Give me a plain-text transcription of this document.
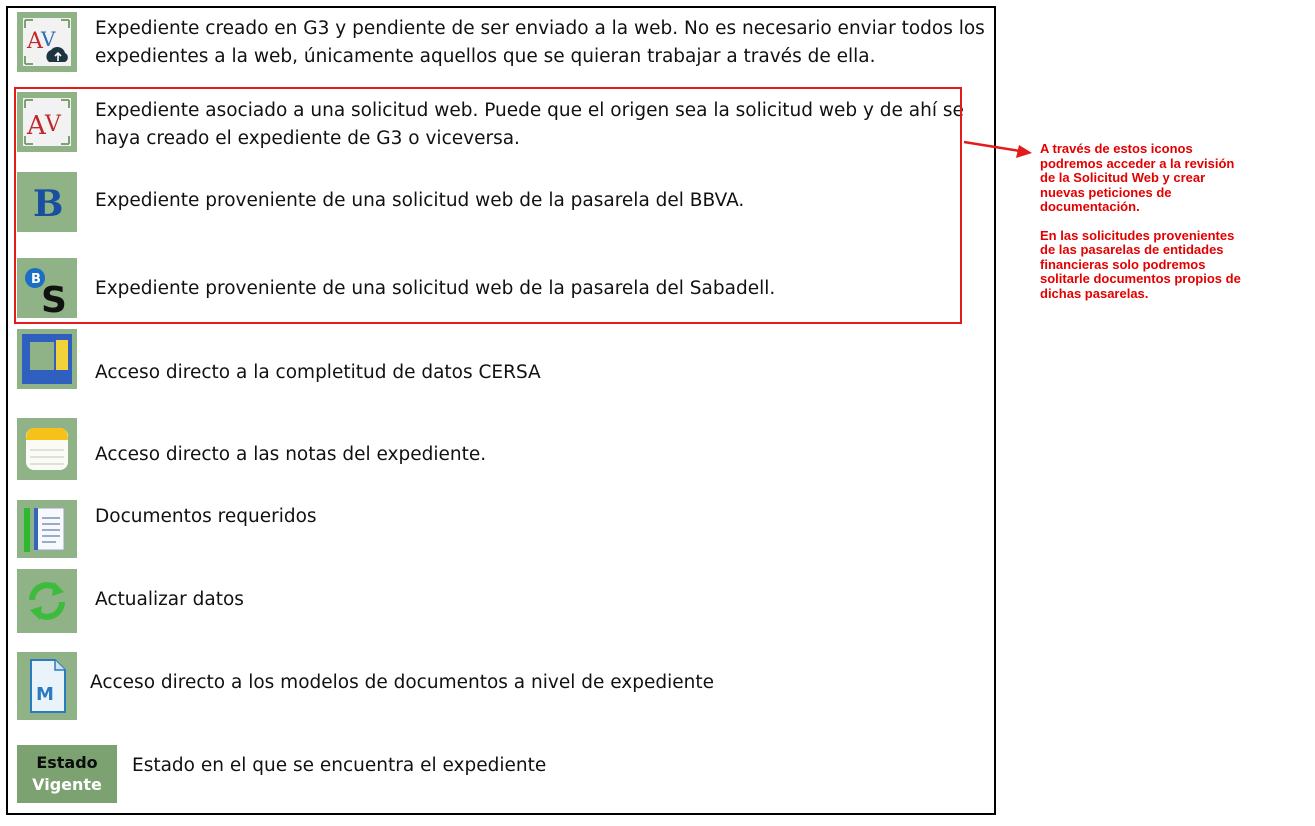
A
V Expediente creado en G3 y pendiente de ser enviado a la web. No es necesario enviar todos los
expedientes a la web, únicamente aquellos que se quieran trabajar a través de ella.
A V
Expediente asociado a una solicitud web. Puede que el origen sea la solicitud web y de ahí se
haya creado el expediente de G3 o viceversa.
B Expediente proveniente de una solicitud web de la pasarela del BBVA.
B
S Expediente proveniente de una solicitud web de la pasarela del Sabadell.
Acceso directo a la completitud de datos CERSA
Acceso directo a las notas del expediente.
Documentos requeridos
Actualizar datos
M
Acceso directo a los modelos de documentos a nivel de expediente
Estado
Vigente
Estado en el que se encuentra el expediente

A través de estos iconos
podremos acceder a la revisión
de la Solicitud Web y crear
nuevas peticiones de
documentación.

En las solicitudes provenientes
de las pasarelas de entidades
financieras solo podremos
solitarle documentos propios de
dichas pasarelas.
